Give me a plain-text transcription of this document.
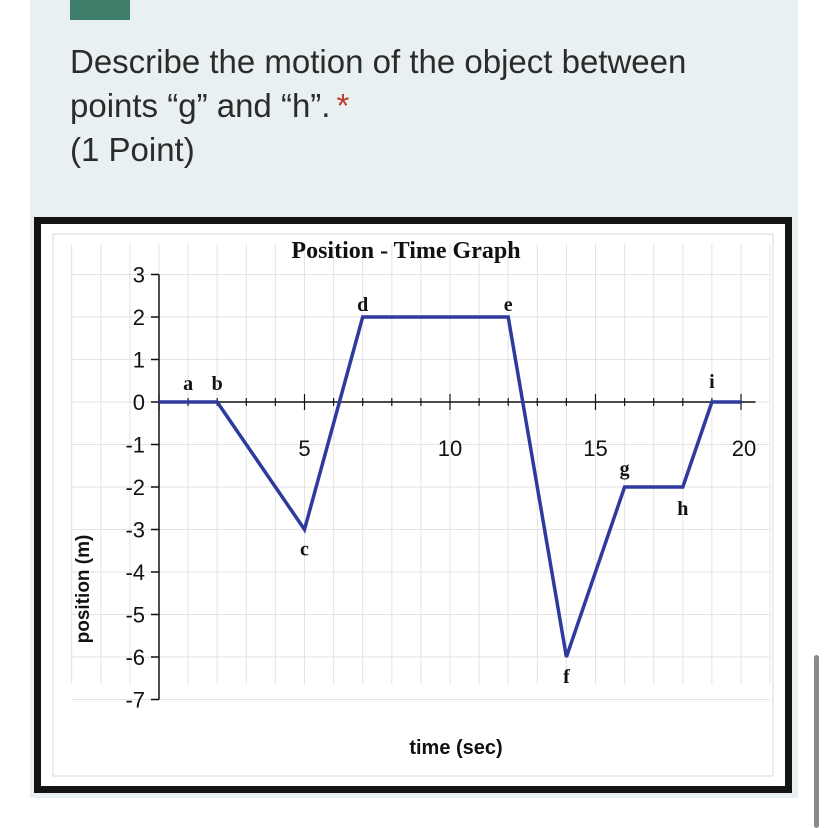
Describe the motion of the object between points “g” and “h”. *
(1 Point)
5	10	15	20
3
2
1
0
-1
-2
-3
-4
-5
-6
-7
a b
c
d	e
f
g
h
i
Position - Time Graph
time (sec)
position (m)
